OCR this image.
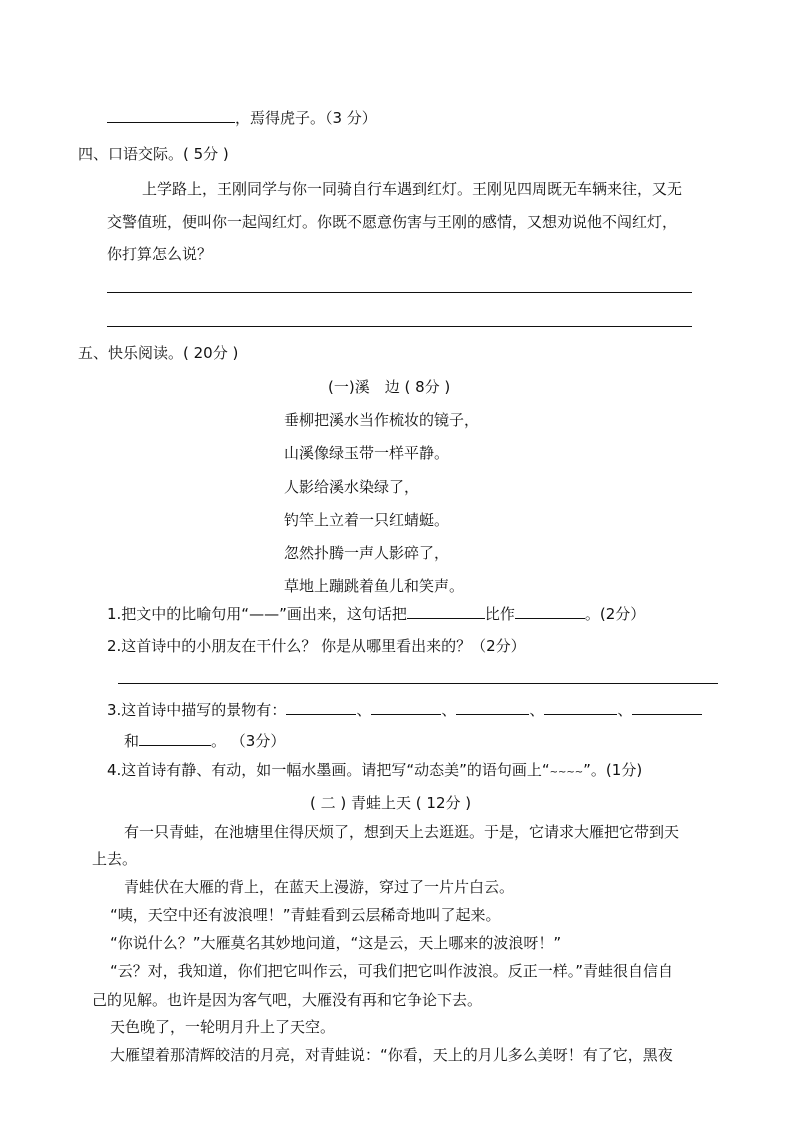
，焉得虎子。（3 分）
四、口语交际。( 5分 )
上学路上，王刚同学与你一同骑自行车遇到红灯。王刚见四周既无车辆来往，又无
交警值班，便叫你一起闯红灯。你既不愿意伤害与王刚的感情，又想劝说他不闯红灯，
你打算怎么说？
五、快乐阅读。( 20分 )
(一)溪　边 ( 8分 )
垂柳把溪水当作梳妆的镜子，
山溪像绿玉带一样平静。
人影给溪水染绿了，
钓竿上立着一只红蜻蜓。
忽然扑腾一声人影碎了，
草地上蹦跳着鱼儿和笑声。
1.把文中的比喻句用“——”画出来，这句话把	比作	。(2分）
2.这首诗中的小朋友在干什么？ 你是从哪里看出来的？（2分）
3.这首诗中描写的景物有：	、	、	、	、
和	。 （3分）
4.这首诗有静、有动，如一幅水墨画。请把写“动态美”的语句画上“~~~~”。(1分)
( 二 ) 青蛙上天 ( 12分 )
有一只青蛙，在池塘里住得厌烦了，想到天上去逛逛。于是，它请求大雁把它带到天
上去。
青蛙伏在大雁的背上，在蓝天上漫游，穿过了一片片白云。
“咦，天空中还有波浪哩！”青蛙看到云层稀奇地叫了起来。
“你说什么？”大雁莫名其妙地问道，“这是云，天上哪来的波浪呀！”
“云？对，我知道，你们把它叫作云，可我们把它叫作波浪。反正一样。”青蛙很自信自
己的见解。也许是因为客气吧，大雁没有再和它争论下去。
天色晚了，一轮明月升上了天空。
大雁望着那清辉皎洁的月亮，对青蛙说：“你看，天上的月儿多么美呀！有了它，黑夜
